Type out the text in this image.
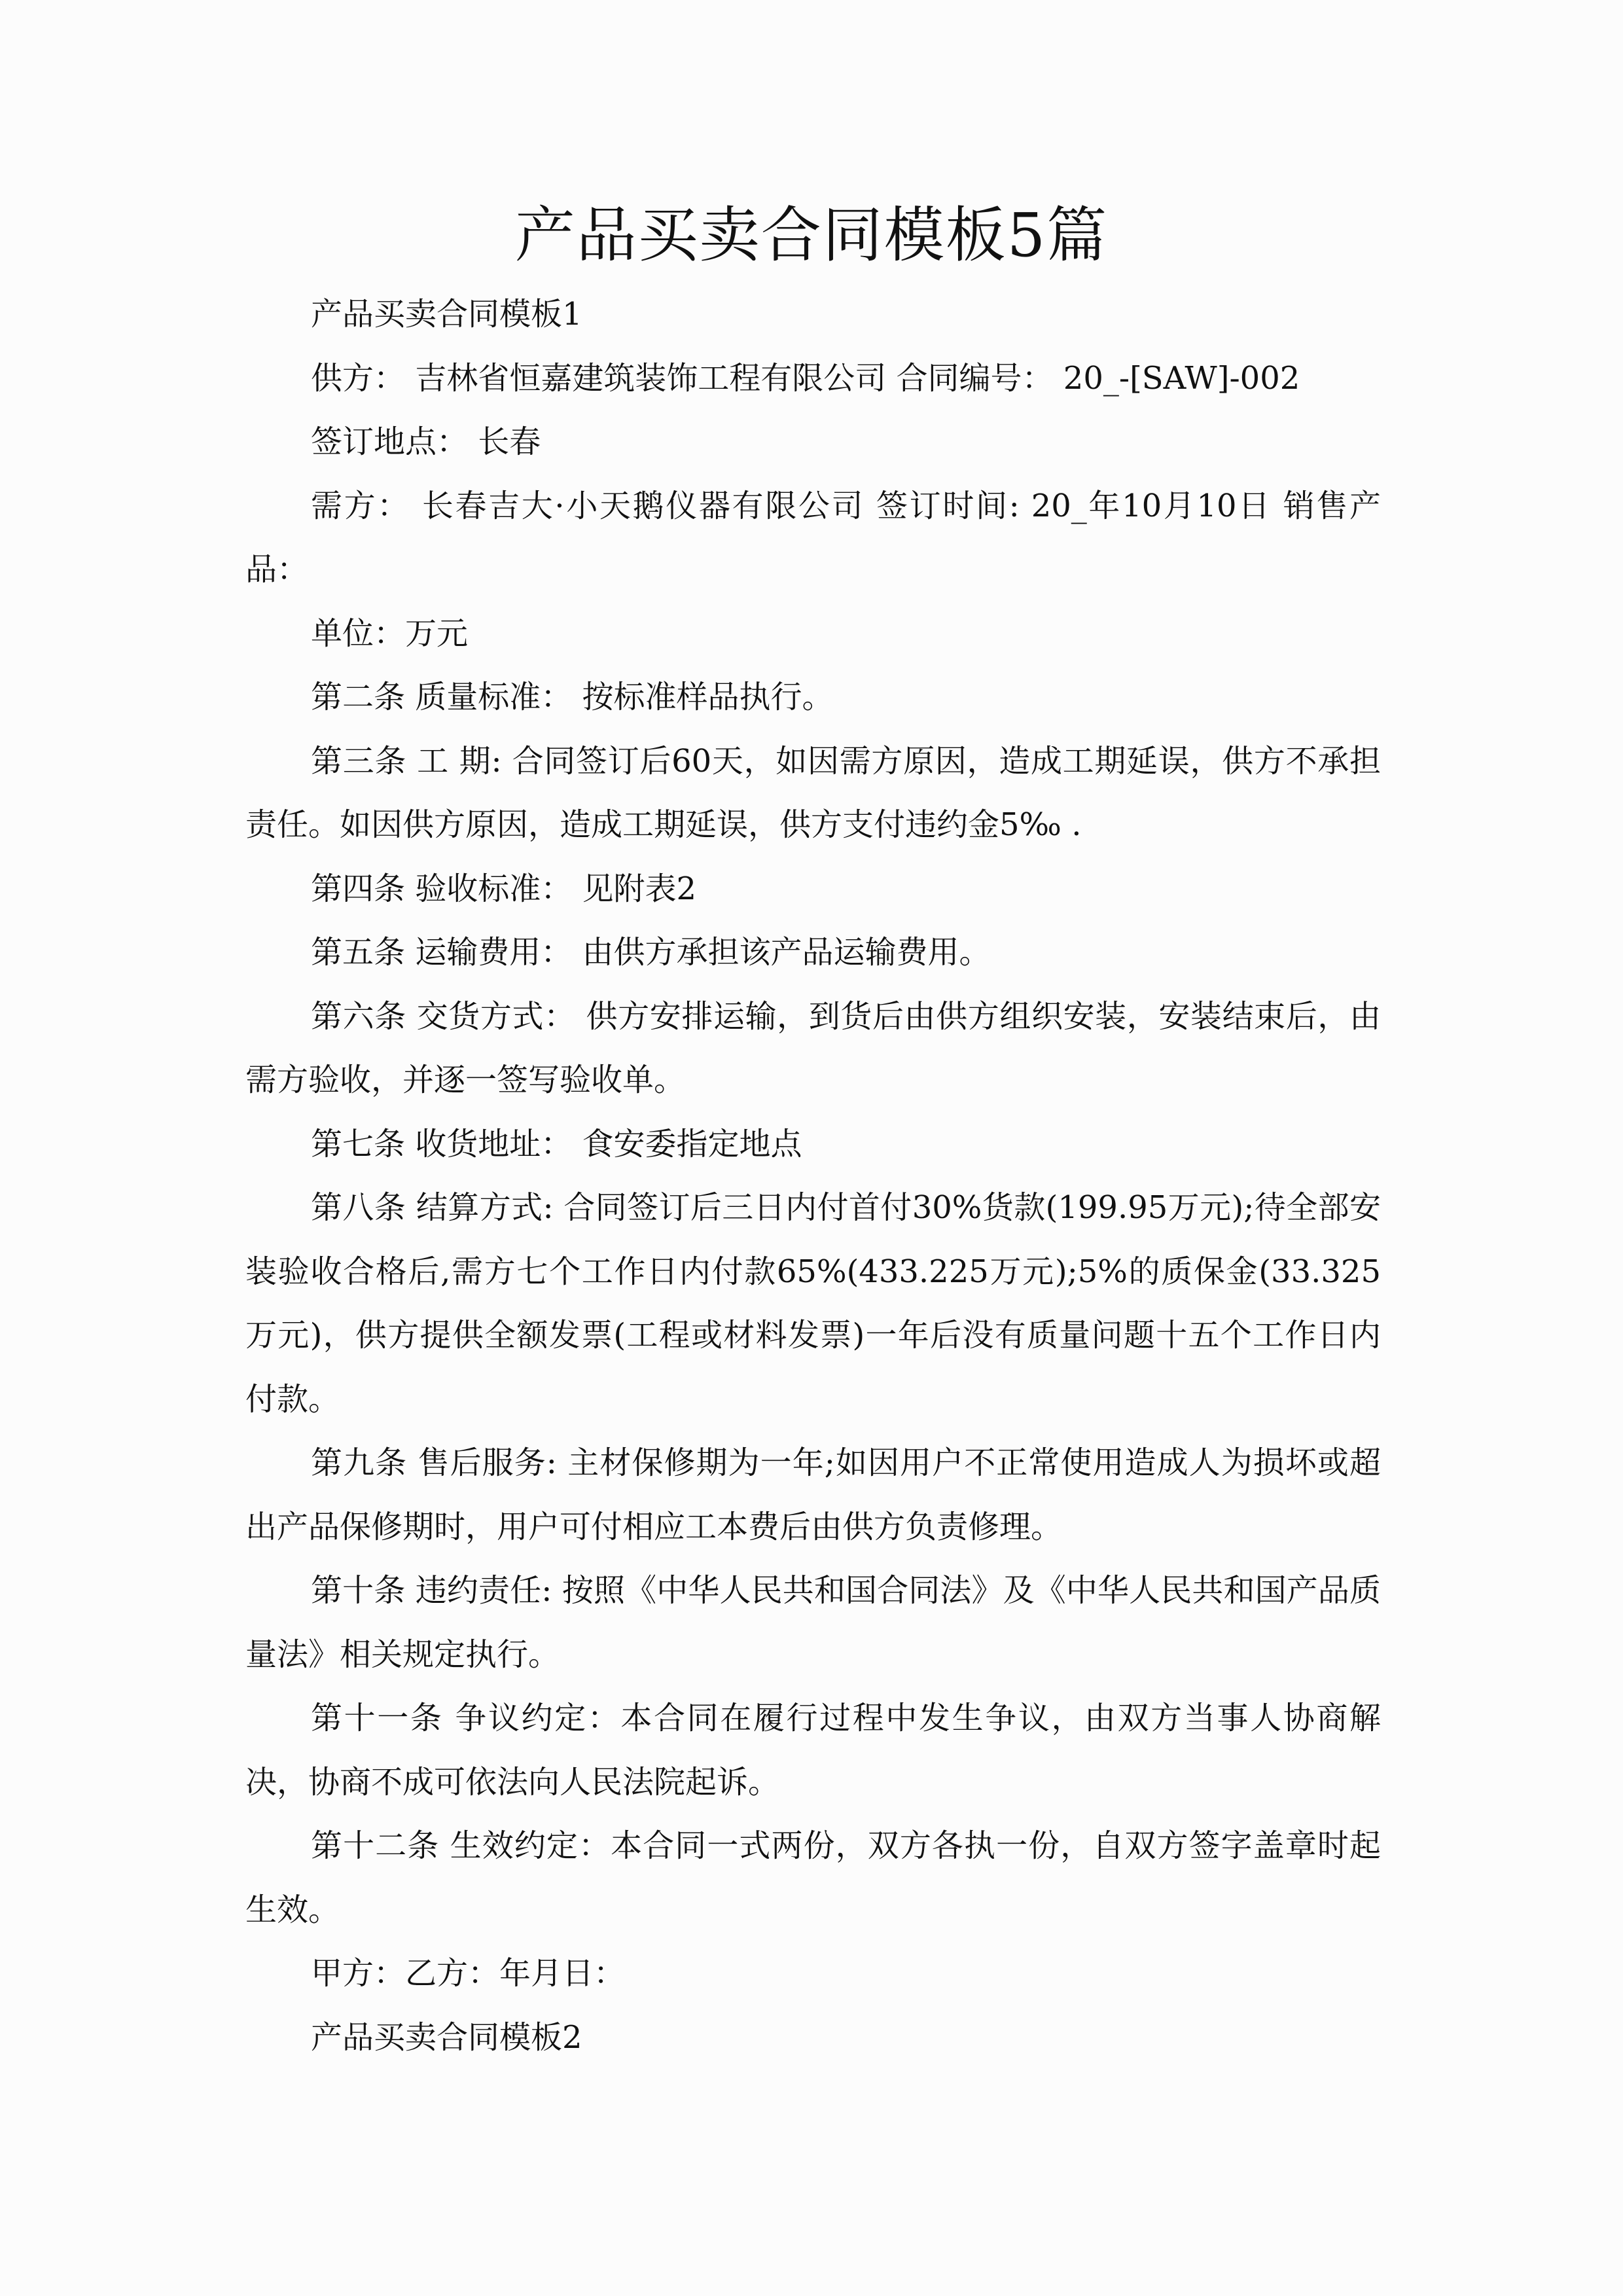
产品买卖合同模板5篇

产品买卖合同模板1

供方： 吉林省恒嘉建筑装饰工程有限公司 合同编号： 20_-[SAW]-002

签订地点： 长春

需方： 长春吉大·小天鹅仪器有限公司 签订时间: 20_年10月10日 销售产品：

单位：万元

第二条 质量标准： 按标准样品执行。

第三条 工 期: 合同签订后60天，如因需方原因，造成工期延误，供方不承担责任。如因供方原因，造成工期延误，供方支付违约金5‰ .

第四条 验收标准： 见附表2

第五条 运输费用： 由供方承担该产品运输费用。

第六条 交货方式： 供方安排运输，到货后由供方组织安装，安装结束后，由需方验收，并逐一签写验收单。

第七条 收货地址： 食安委指定地点

第八条 结算方式: 合同签订后三日内付首付30%货款(199.95万元);待全部安装验收合格后,需方七个工作日内付款65%(433.225万元);5%的质保金(33.325万元)，供方提供全额发票(工程或材料发票)一年后没有质量问题十五个工作日内付款。

第九条 售后服务: 主材保修期为一年;如因用户不正常使用造成人为损坏或超出产品保修期时，用户可付相应工本费后由供方负责修理。

第十条 违约责任: 按照《中华人民共和国合同法》及《中华人民共和国产品质量法》相关规定执行。

第十一条 争议约定：本合同在履行过程中发生争议，由双方当事人协商解决，协商不成可依法向人民法院起诉。

第十二条 生效约定：本合同一式两份，双方各执一份，自双方签字盖章时起生效。

甲方：乙方：年月日：

产品买卖合同模板2
